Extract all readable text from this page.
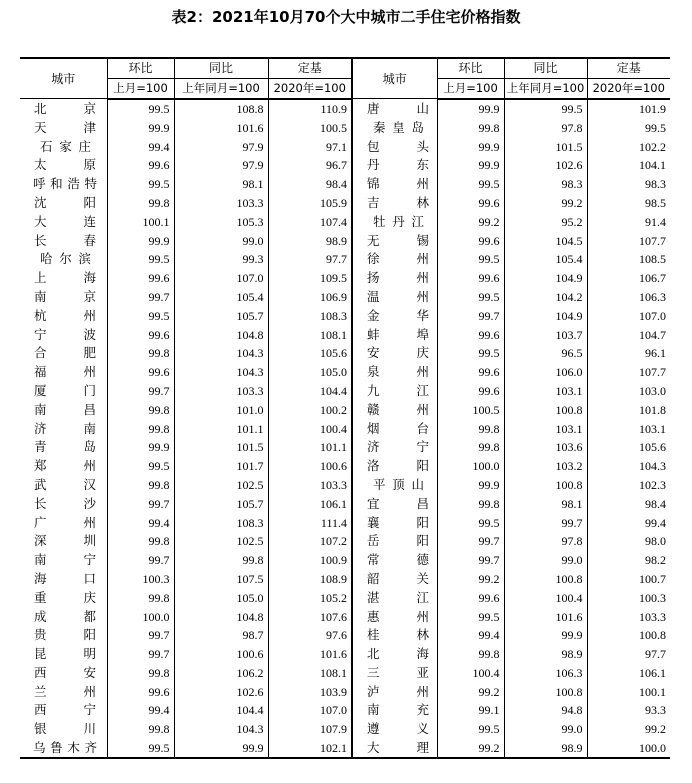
表2：2021年10月70个大中城市二手住宅价格指数
城市	环比	同比	定基	城市	环比	同比	定基
	上月=100	上年同月=100	2020年=100		上月=100	上年同月=100	2020年=100
北京	99.5	108.8	110.9	唐山	99.9	99.5	101.9
天津	99.9	101.6	100.5	秦皇岛	99.8	97.8	99.5
石家庄	99.4	97.9	97.1	包头	99.9	101.5	102.2
太原	99.6	97.9	96.7	丹东	99.9	102.6	104.1
呼和浩特	99.5	98.1	98.4	锦州	99.5	98.3	98.3
沈阳	99.8	103.3	105.9	吉林	99.6	99.2	98.5
大连	100.1	105.3	107.4	牡丹江	99.2	95.2	91.4
长春	99.9	99.0	98.9	无锡	99.6	104.5	107.7
哈尔滨	99.5	99.3	97.7	徐州	99.5	105.4	108.5
上海	99.6	107.0	109.5	扬州	99.6	104.9	106.7
南京	99.7	105.4	106.9	温州	99.5	104.2	106.3
杭州	99.5	105.7	108.3	金华	99.7	104.9	107.0
宁波	99.6	104.8	108.1	蚌埠	99.6	103.7	104.7
合肥	99.8	104.3	105.6	安庆	99.5	96.5	96.1
福州	99.6	104.3	105.0	泉州	99.6	106.0	107.7
厦门	99.7	103.3	104.4	九江	99.6	103.1	103.0
南昌	99.8	101.0	100.2	赣州	100.5	100.8	101.8
济南	99.8	101.1	100.4	烟台	99.8	103.1	103.1
青岛	99.9	101.5	101.1	济宁	99.8	103.6	105.6
郑州	99.5	101.7	100.6	洛阳	100.0	103.2	104.3
武汉	99.8	102.5	103.3	平顶山	99.9	100.8	102.3
长沙	99.7	105.7	106.1	宜昌	99.8	98.1	98.4
广州	99.4	108.3	111.4	襄阳	99.5	99.7	99.4
深圳	99.8	102.5	107.2	岳阳	99.7	97.8	98.0
南宁	99.7	99.8	100.9	常德	99.7	99.0	98.2
海口	100.3	107.5	108.9	韶关	99.2	100.8	100.7
重庆	99.8	105.0	105.2	湛江	99.6	100.4	100.3
成都	100.0	104.8	107.6	惠州	99.5	101.6	103.3
贵阳	99.7	98.7	97.6	桂林	99.4	99.9	100.8
昆明	99.7	100.6	101.6	北海	99.8	98.9	97.7
西安	99.8	106.2	108.1	三亚	100.4	106.3	106.1
兰州	99.6	102.6	103.9	泸州	99.2	100.8	100.1
西宁	99.4	104.4	107.0	南充	99.1	94.8	93.3
银川	99.8	104.3	107.9	遵义	99.5	99.0	99.2
乌鲁木齐	99.5	99.9	102.1	大理	99.2	98.9	100.0
